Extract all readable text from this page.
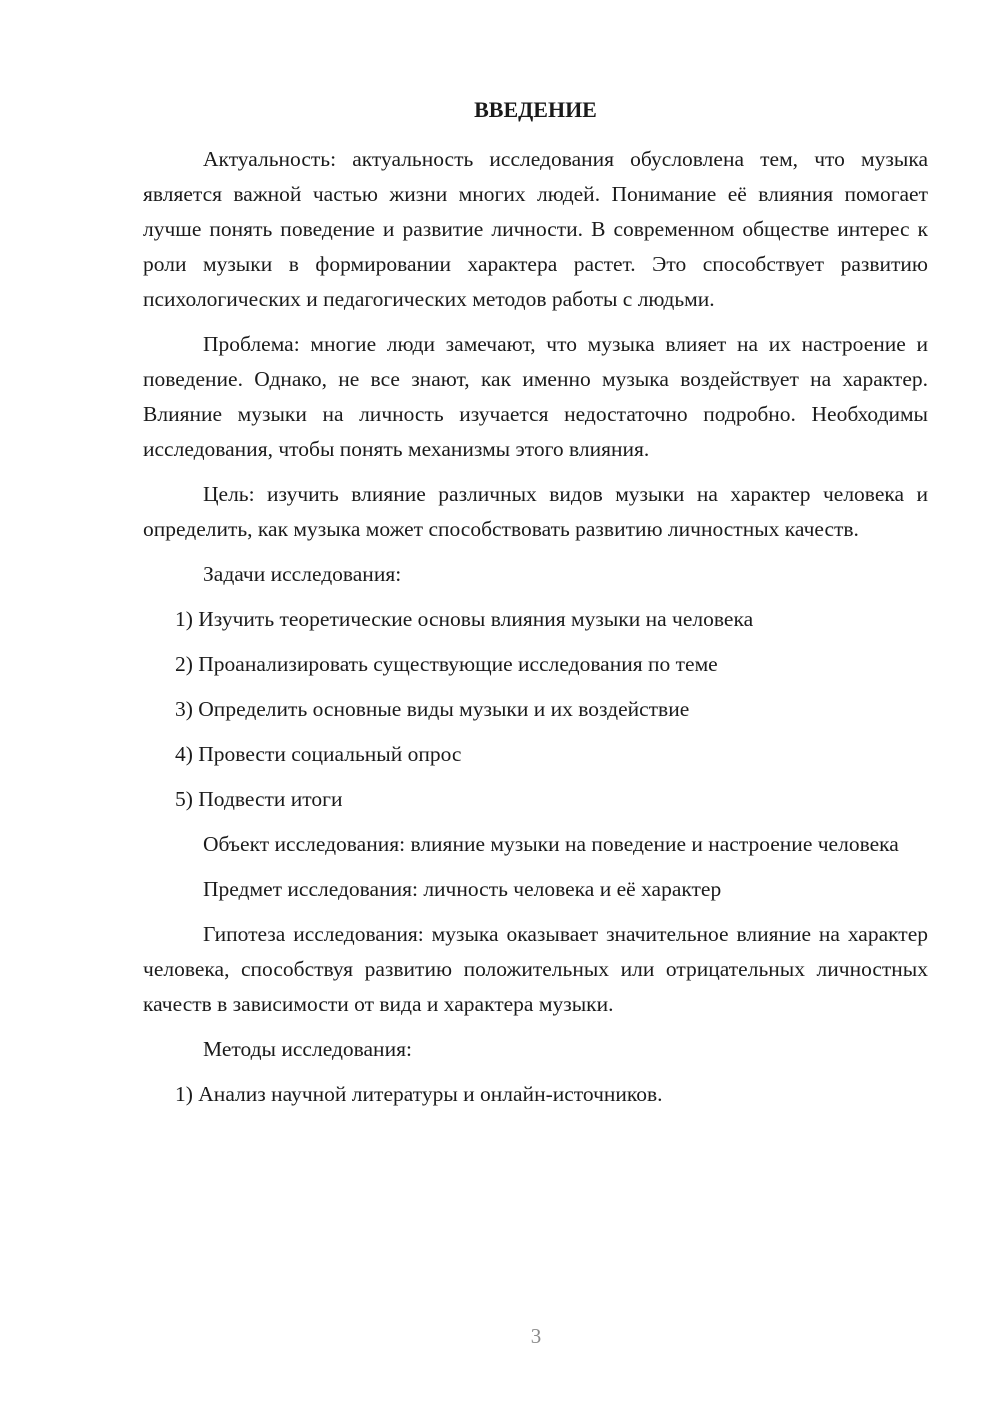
ВВЕДЕНИЕ

Актуальность: актуальность исследования обусловлена тем, что музыка является важной частью жизни многих людей. Понимание её влияния помогает лучше понять поведение и развитие личности. В современном обществе интерес к роли музыки в формировании характера растет. Это способствует развитию психологических и педагогических методов работы с людьми.

Проблема: многие люди замечают, что музыка влияет на их настроение и поведение. Однако, не все знают, как именно музыка воздействует на характер. Влияние музыки на личность изучается недостаточно подробно. Необходимы исследования, чтобы понять механизмы этого влияния.

Цель: изучить влияние различных видов музыки на характер человека и определить, как музыка может способствовать развитию личностных качеств.

Задачи исследования:

1) Изучить теоретические основы влияния музыки на человека
2) Проанализировать существующие исследования по теме
3) Определить основные виды музыки и их воздействие
4) Провести социальный опрос
5) Подвести итоги

Объект исследования: влияние музыки на поведение и настроение человека

Предмет исследования: личность человека и её характер

Гипотеза исследования: музыка оказывает значительное влияние на характер человека, способствуя развитию положительных или отрицательных личностных качеств в зависимости от вида и характера музыки.

Методы исследования:

1) Анализ научной литературы и онлайн-источников.
3
